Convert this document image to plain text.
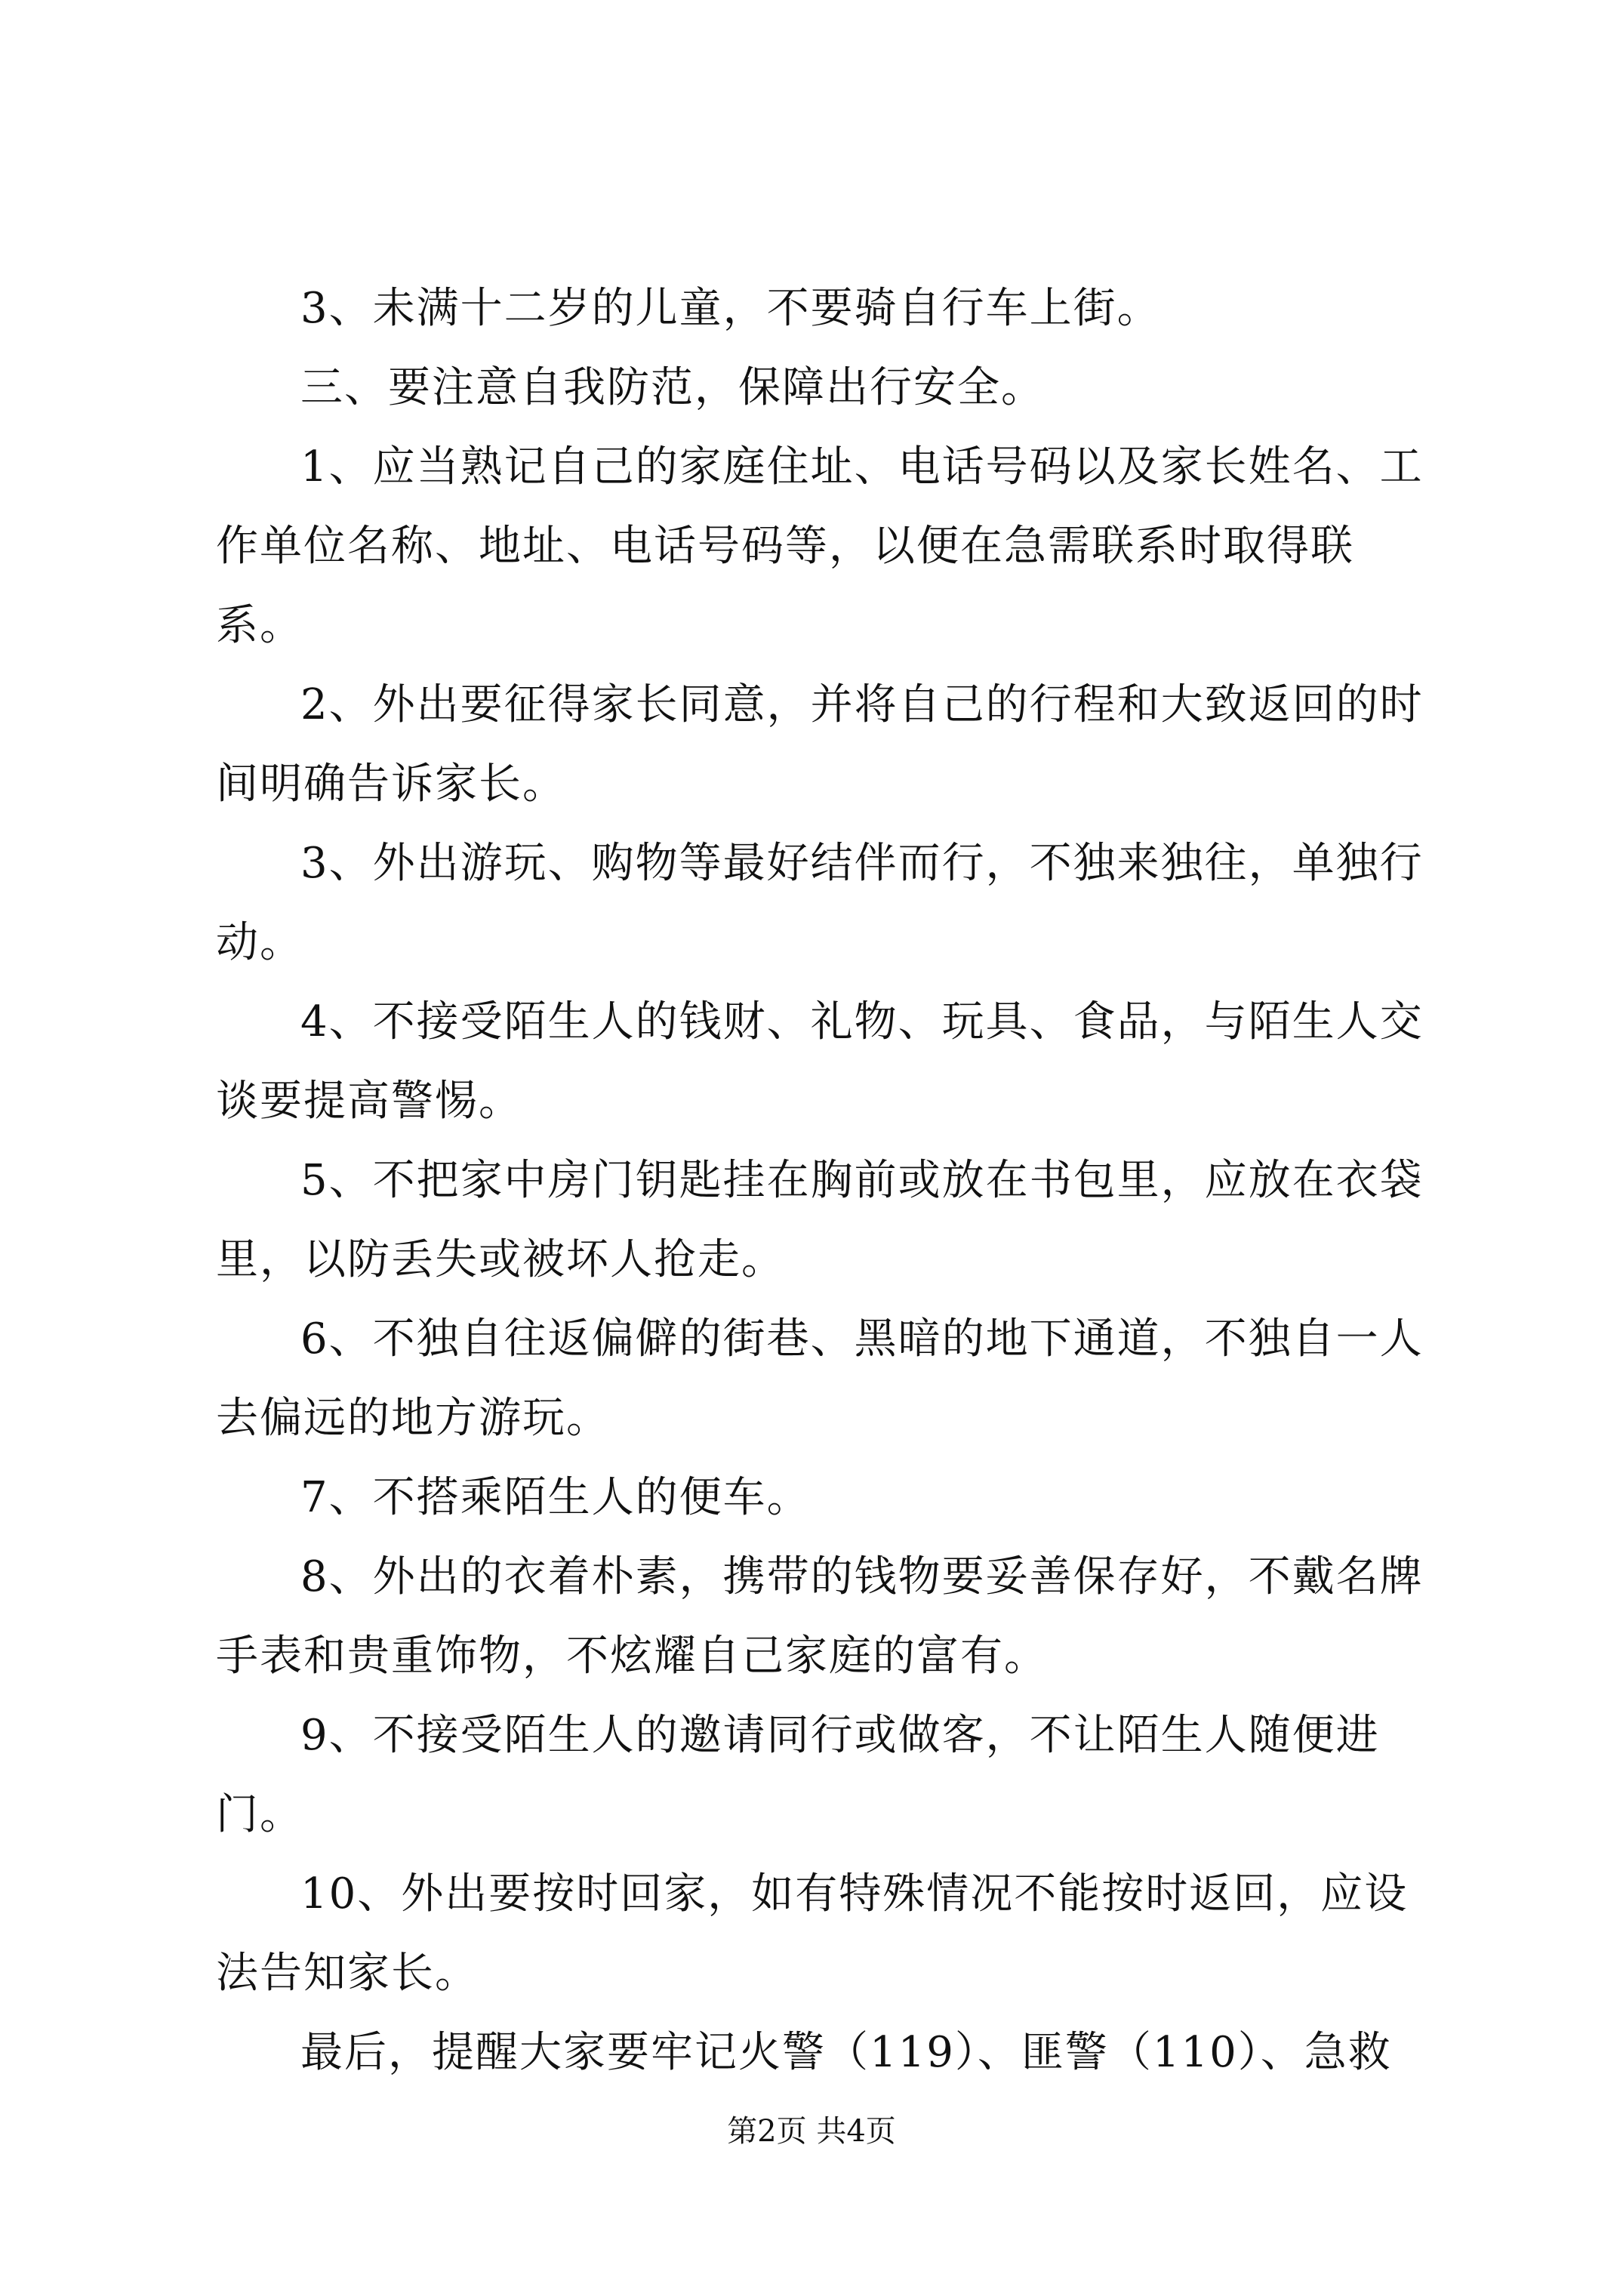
3、未满十二岁的儿童，不要骑自行车上街。

三、要注意自我防范，保障出行安全。

1、应当熟记自己的家庭住址、电话号码以及家长姓名、工作单位名称、地址、电话号码等，以便在急需联系时取得联系。

2、外出要征得家长同意，并将自己的行程和大致返回的时间明确告诉家长。

3、外出游玩、购物等最好结伴而行，不独来独往，单独行动。

4、不接受陌生人的钱财、礼物、玩具、食品，与陌生人交谈要提高警惕。

5、不把家中房门钥匙挂在胸前或放在书包里，应放在衣袋里，以防丢失或被坏人抢走。

6、不独自往返偏僻的街巷、黑暗的地下通道，不独自一人去偏远的地方游玩。

7、不搭乘陌生人的便车。

8、外出的衣着朴素，携带的钱物要妥善保存好，不戴名牌手表和贵重饰物，不炫耀自己家庭的富有。

9、不接受陌生人的邀请同行或做客，不让陌生人随便进门。

10、外出要按时回家，如有特殊情况不能按时返回，应设法告知家长。

最后，提醒大家要牢记火警（119）、匪警（110）、急救

第2页 共4页
